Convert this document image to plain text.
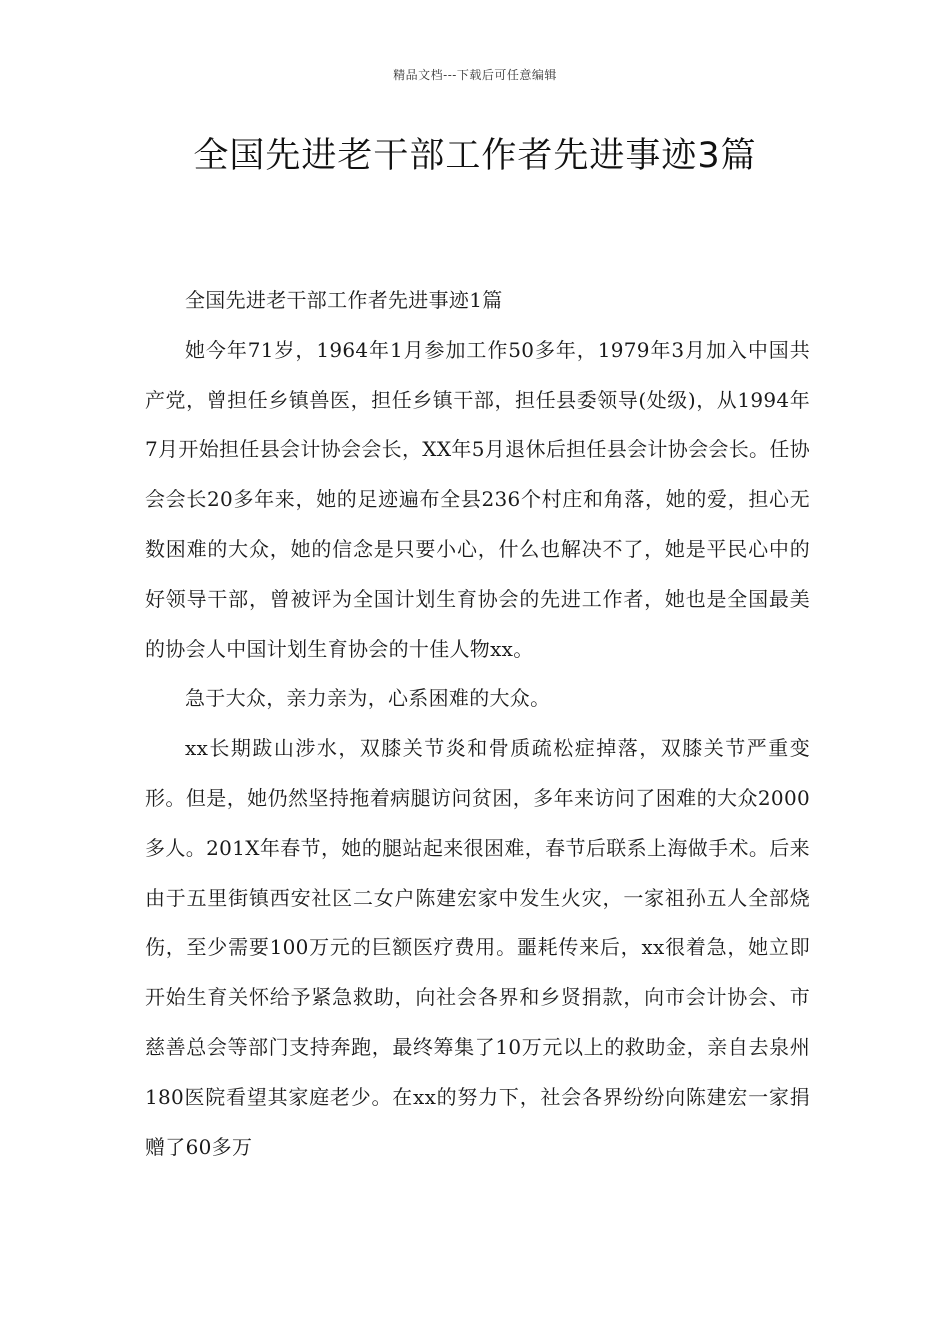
精品文档---下载后可任意编辑
全国先进老干部工作者先进事迹3篇

全国先进老干部工作者先进事迹1篇

她今年71岁，1964年1月参加工作50多年，1979年3月加入中国共产党，曾担任乡镇兽医，担任乡镇干部，担任县委领导(处级)，从1994年7月开始担任县会计协会会长，XX年5月退休后担任县会计协会会长。任协会会长20多年来，她的足迹遍布全县236个村庄和角落，她的爱，担心无数困难的大众，她的信念是只要小心，什么也解决不了，她是平民心中的好领导干部，曾被评为全国计划生育协会的先进工作者，她也是全国最美的协会人中国计划生育协会的十佳人物xx。

急于大众，亲力亲为，心系困难的大众。

xx长期跋山涉水，双膝关节炎和骨质疏松症掉落，双膝关节严重变形。但是，她仍然坚持拖着病腿访问贫困，多年来访问了困难的大众2000多人。201X年春节，她的腿站起来很困难，春节后联系上海做手术。后来由于五里街镇西安社区二女户陈建宏家中发生火灾，一家祖孙五人全部烧伤，至少需要100万元的巨额医疗费用。噩耗传来后，xx很着急，她立即开始生育关怀给予紧急救助，向社会各界和乡贤捐款，向市会计协会、市慈善总会等部门支持奔跑，最终筹集了10万元以上的救助金，亲自去泉州180医院看望其家庭老少。在xx的努力下，社会各界纷纷向陈建宏一家捐赠了60多万
